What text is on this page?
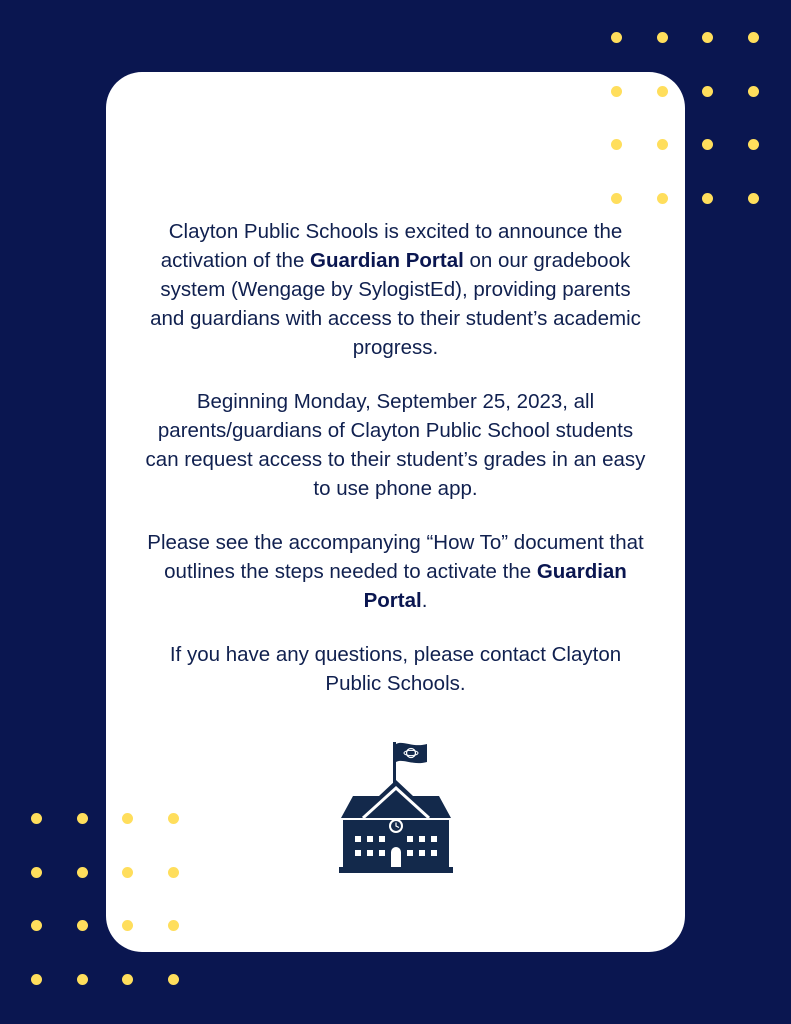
Clayton Public Schools is excited to announce the activation of the Guardian Portal on our gradebook system (Wengage by SylogistEd), providing parents and guardians with access to their student’s academic progress.

Beginning Monday, September 25, 2023, all parents/guardians of Clayton Public School students can request access to their student’s grades in an easy to use phone app.

Please see the accompanying “How To” document that outlines the steps needed to activate the Guardian Portal.

If you have any questions, please contact Clayton Public Schools.
